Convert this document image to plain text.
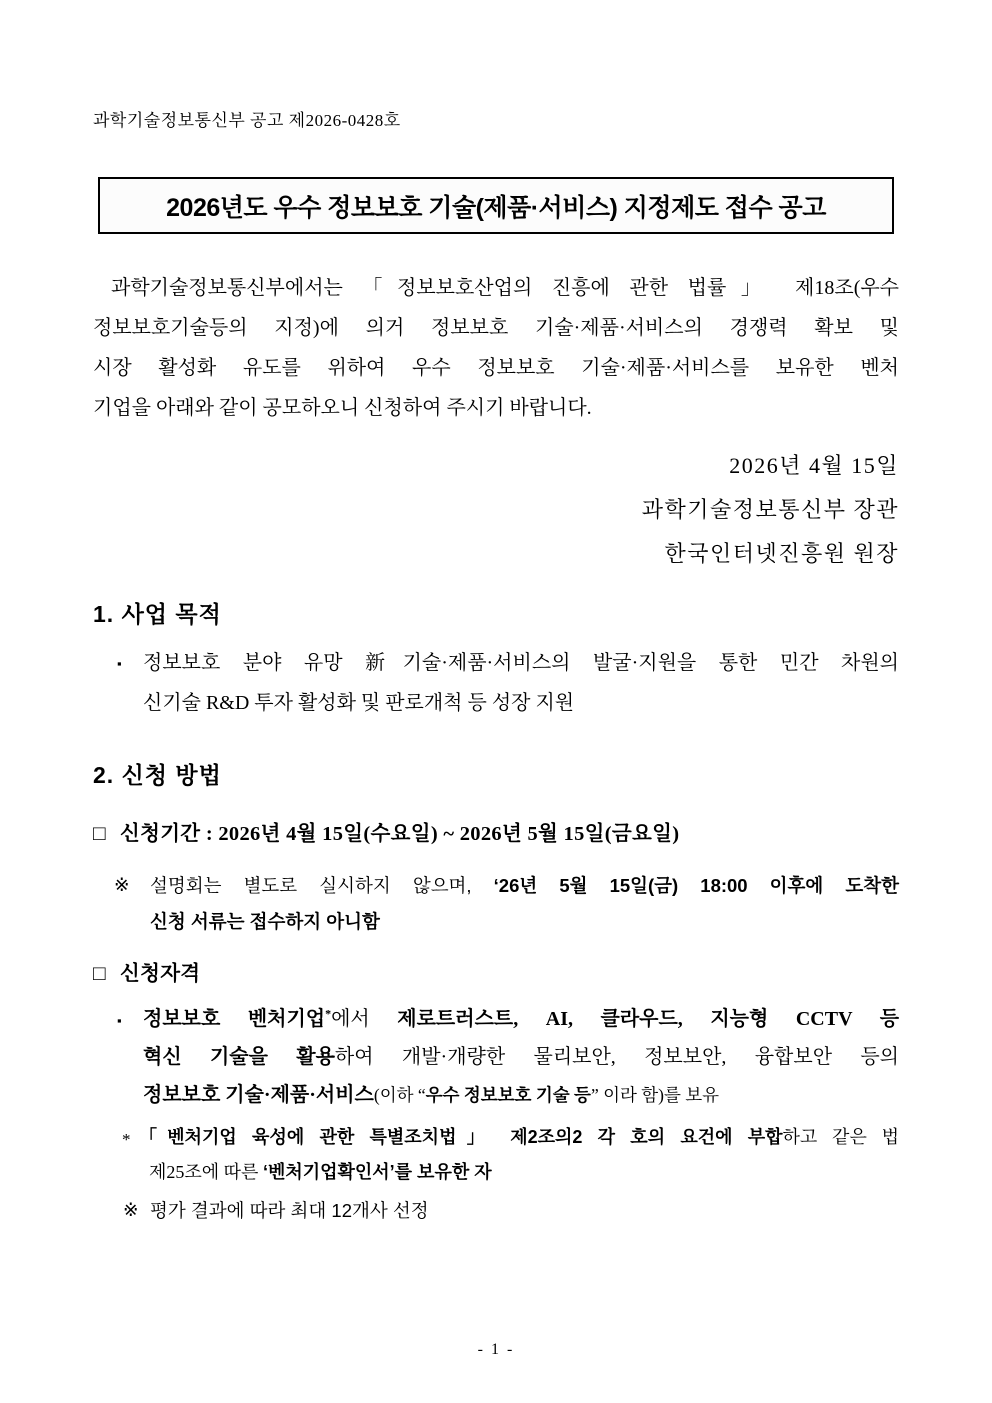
과학기술정보통신부 공고 제2026-0428호
2026년도 우수 정보보호 기술(제품·서비스) 지정제도 접수 공고
과학기술정보통신부에서는 「정보보호산업의 진흥에 관한 법률」 제18조(우수
정보보호기술등의 지정)에 의거 정보보호 기술·제품·서비스의 경쟁력 확보 및
시장 활성화 유도를 위하여 우수 정보보호 기술·제품·서비스를 보유한 벤처
기업을 아래와 같이 공모하오니 신청하여 주시기 바랍니다.
2026년 4월 15일
과학기술정보통신부 장관
한국인터넷진흥원 원장
1. 사업 목적
▪ 정보보호 분야 유망 新기술·제품·서비스의 발굴·지원을 통한 민간 차원의
신기술 R&D 투자 활성화 및 판로개척 등 성장 지원
2. 신청 방법
□ 신청기간 : 2026년 4월 15일(수요일) ~ 2026년 5월 15일(금요일)
※ 설명회는 별도로 실시하지 않으며, ‘26년 5월 15일(금) 18:00 이후에 도착한
신청 서류는 접수하지 아니함
□ 신청자격
▪ 정보보호 벤처기업*에서 제로트러스트, AI, 클라우드, 지능형 CCTV 등
혁신 기술을 활용하여 개발·개량한 물리보안, 정보보안, 융합보안 등의
정보보호 기술·제품·서비스(이하 “우수 정보보호 기술 등” 이라 함)를 보유
* 「벤처기업 육성에 관한 특별조치법」 제2조의2 각 호의 요건에 부합하고 같은 법
제25조에 따른 ‘벤처기업확인서’를 보유한 자
※ 평가 결과에 따라 최대 12개사 선정
- 1 -
